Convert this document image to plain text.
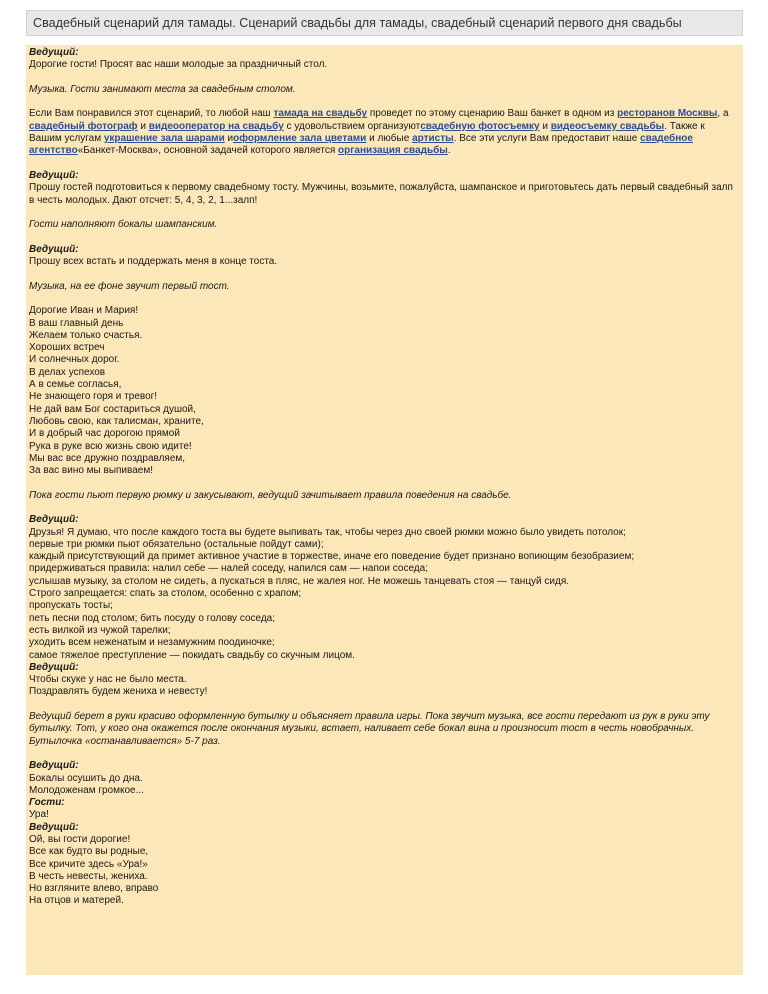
Свадебный сценарий для тамады. Сценарий свадьбы для тамады, свадебный сценарий первого дня свадьбы
Ведущий:
Дорогие гости! Просят вас наши молодые за праздничный стол.
Музыка. Гости занимают места за свадебным столом.
Если Вам понравился этот сценарий, то любой наш тамада на свадьбу проведет по этому сценарию Ваш банкет в одном из ресторанов Москвы, а свадебный фотограф и видеооператор на свадьбу с удовольствием организуютсвадебную фотосъемку и видеосъемку свадьбы. Также к Вашим услугам украшение зала шарами иоформление зала цветами и любые артисты. Все эти услуги Вам предоставит наше свадебное агентство«Банкет-Москва», основной задачей которого является организация свадьбы.
Ведущий:
Прошу гостей подготовиться к первому свадебному тосту. Мужчины, возьмите, пожалуйста, шампанское и приготовьтесь дать первый свадебный залп в честь молодых. Дают отсчет: 5, 4, 3, 2, 1...залп!
Гости наполняют бокалы шампанским.
Ведущий:
Прошу всех встать и поддержать меня в конце тоста.
Музыка, на ее фоне звучит первый тост.
Дорогие Иван и Мария!
В ваш главный день
Желаем только счастья.
Хороших встреч
И солнечных дорог.
В делах успехов
А в семье согласья,
Не знающего горя и тревог!
Не дай вам Бог состариться душой,
Любовь свою, как талисман, храните,
И в добрый час дорогою прямой
Рука в руке всю жизнь свою идите!
Мы вас все дружно поздравляем,
За вас вино мы выпиваем!
Пока гости пьют первую рюмку и закусывают, ведущий зачитывает правила поведения на свадьбе.
Ведущий:
Друзья! Я думаю, что после каждого тоста вы будете выпивать так, чтобы через дно своей рюмки можно было увидеть потолок;
первые три рюмки пьют обязательно (остальные пойдут сами);
каждый присутствующий да примет активное участие в торжестве, иначе его поведение будет признано вопиющим безобразием;
придерживаться правила: налил себе — налей соседу, напился сам — напои соседа;
услышав музыку, за столом не сидеть, а пускаться в пляс, не жалея ног. Не можешь танцевать стоя — танцуй сидя.
Строго запрещается: спать за столом, особенно с храпом;
пропускать тосты;
петь песни под столом; бить посуду о голову соседа;
есть вилкой из чужой тарелки;
уходить всем неженатым и незамужним поодиночке;
самое тяжелое преступление — покидать свадьбу со скучным лицом.
Ведущий:
Чтобы скуке у нас не было места.
Поздравлять будем жениха и невесту!
Ведущий берет в руки красиво оформленную бутылку и объясняет правила игры. Пока звучит музыка, все гости передают из рук в руки эту бутылку. Тот, у кого она окажется после окончания музыки, встает, наливает себе бокал вина и произносит тост в честь новобрачных. Бутылочка «останавливается» 5-7 раз.
Ведущий:
Бокалы осушить до дна.
Молодоженам громкое...
Гости:
Ура!
Ведущий:
Ой, вы гости дорогие!
Все как будто вы родные,
Все кричите здесь «Ура!»
В честь невесты, жениха.
Но взгляните влево, вправо
На отцов и матерей.
